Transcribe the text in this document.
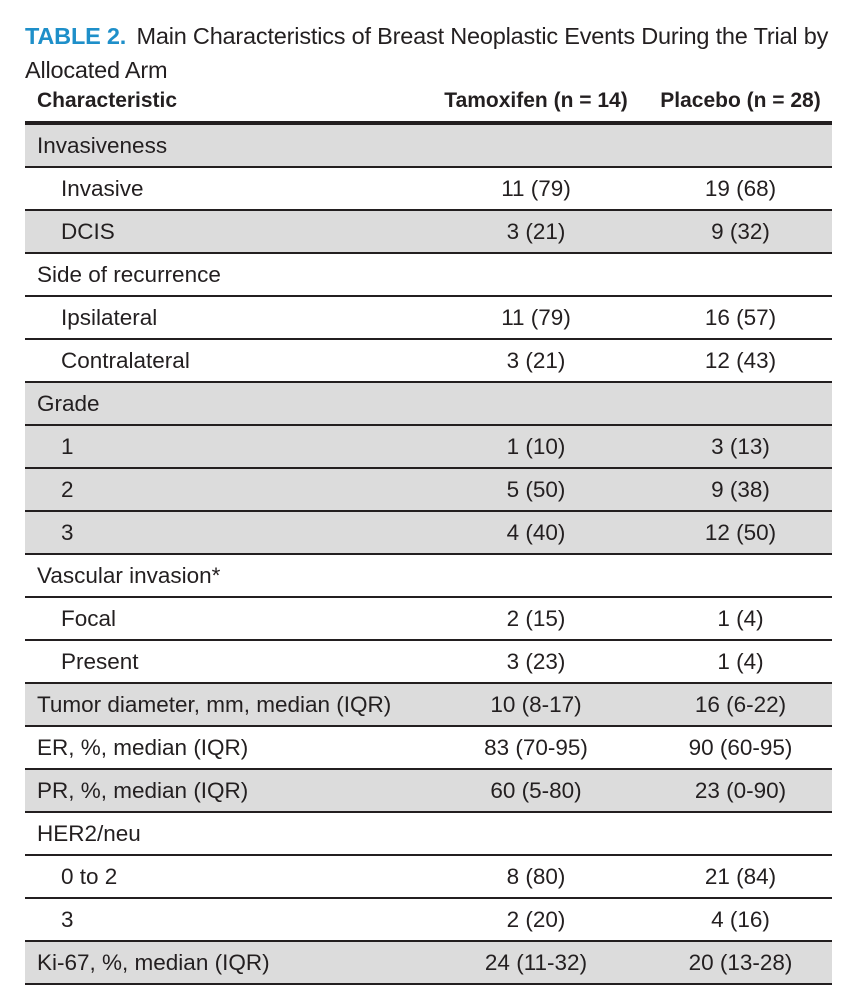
TABLE 2. Main Characteristics of Breast Neoplastic Events During the Trial by Allocated Arm
Characteristic	Tamoxifen (n = 14)	Placebo (n = 28)
Invasiveness		
Invasive	11 (79)	19 (68)
DCIS	3 (21)	9 (32)
Side of recurrence		
Ipsilateral	11 (79)	16 (57)
Contralateral	3 (21)	12 (43)
Grade		
1	1 (10)	3 (13)
2	5 (50)	9 (38)
3	4 (40)	12 (50)
Vascular invasion*		
Focal	2 (15)	1 (4)
Present	3 (23)	1 (4)
Tumor diameter, mm, median (IQR)	10 (8-17)	16 (6-22)
ER, %, median (IQR)	83 (70-95)	90 (60-95)
PR, %, median (IQR)	60 (5-80)	23 (0-90)
HER2/neu		
0 to 2	8 (80)	21 (84)
3	2 (20)	4 (16)
Ki-67, %, median (IQR)	24 (11-32)	20 (13-28)
